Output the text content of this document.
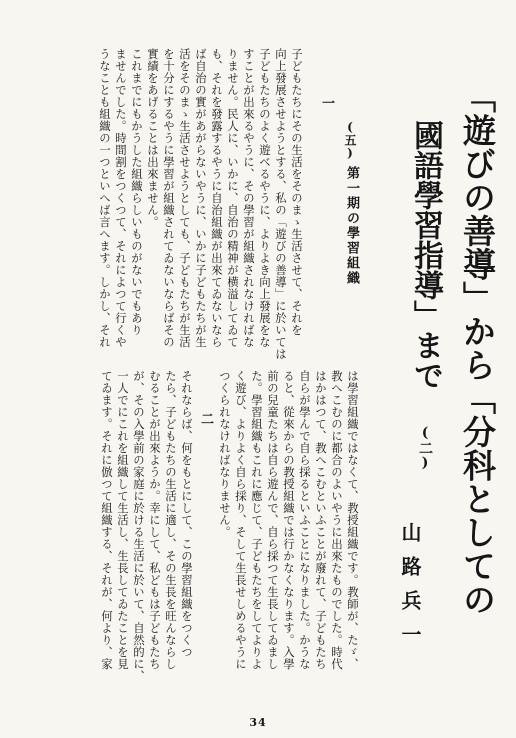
「遊びの善導」から「分科としての
國語學習指導」まで
(二)
山路兵一
は學習組織ではなくて、教授組織です。教師が、たゞ、
教へこむのに都合のよいやうに出來たものでした。時代
はかはつて、教へこむといふことが廢れて、子どもたち
自らが學んで自ら採るといふことになりました。かうな
ると、從來からの教授組織では行かなくなります。入學
前の兒童たちは自ら遊んで、自ら採つて生長してゐまし
た。學習組織もこれに應じて、子どもたちをしてよりよ
く遊び、よりよく自ら採り、そして生長せしめるやうに
つくられなければなりません。
二
それならば、何をもとにして、この學習組織をつくつ
たら、子どもたちの生活に適し、その生長を旺んならし
むることが出來ようか。幸にして、私どもは子どもたち
が、その入學前の家庭に於ける生活に於いて、自然的に、
一人でにこれを組織して生活し、生長してゐたことを見
てゐます。それに倣つて組織する、それが、何より、家
(五)
第一期の學習組織
一
子どもたちにその生活をそのまゝ生活させて、それを
向上發展させようとする、私の「遊びの善導」に於いては
子どもたちのよく遊べるやうに、よりよき向上發展をな
すことが出來るやうに、その學習が組織されなければな
りません。民人に、いかに、自治の精神が横溢してゐて
も、それを發露するやうに自治組織が出來てゐないなら
ば自治の實があがらないやうに、いかに子どもたちが生
活をそのまゝ生活させようとしても、子どもたちが生活
を十分にするやうに學習が組織されてゐないならばその
實績をあげることは出來ません。
これまでにもかうした組織らしいものがないでもあり
ませんでした。時間割をつくつて、それによつて行くや
うなことも組織の一つといへば言へます。しかし、それ
34
